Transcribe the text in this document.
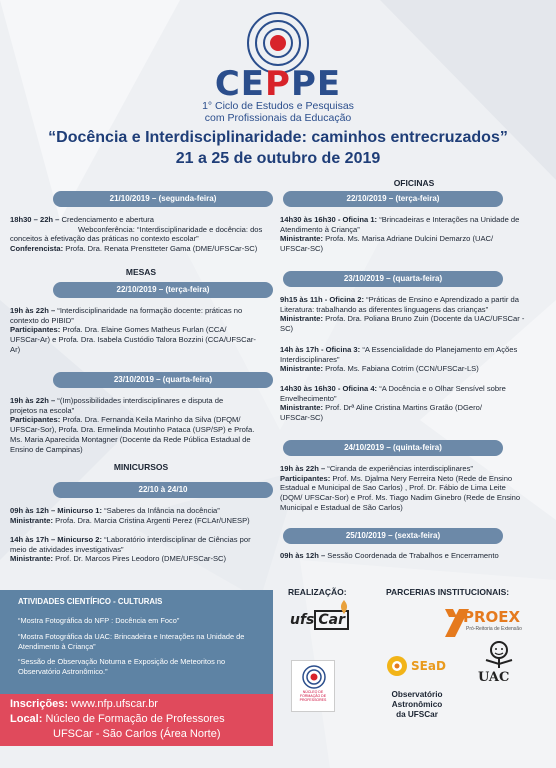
CEPPE
1° Ciclo de Estudos e Pesquisas
com Profissionais da Educação
“Docência e Interdisciplinaridade: caminhos entrecruzados”
21 a 25 de outubro de 2019
21/10/2019 – (segunda-feira)
18h30 – 22h – Credenciamento e abertura
Webconferência: “Interdisciplinaridade e docência: dos
conceitos à efetivação das práticas no contexto escolar”
Conferencista: Profa. Dra. Renata Prenstteter Gama (DME/UFSCar-SC)
MESAS
22/10/2019 – (terça-feira)
19h às 22h – “Interdisciplinaridade na formação docente: práticas no
contexto do PIBID”
Participantes: Profa. Dra. Elaine Gomes Matheus Furlan (CCA/
UFSCar-Ar) e Profa. Dra. Isabela Custódio Talora Bozzini (CCA/UFSCar-
Ar)
23/10/2019 – (quarta-feira)
19h às 22h – “(Im)possibilidades interdisciplinares e disputa de
projetos na escola”
Participantes: Profa. Dra. Fernanda Keila Marinho da Silva (DFQM/
UFSCar-Sor), Profa. Dra. Ermelinda Moutinho Pataca (USP/SP) e Profa.
Ms. Maria Aparecida Montagner (Docente da Rede Pública Estadual de
Ensino de Campinas)
MINICURSOS
22/10 à 24/10
09h às 12h – Minicurso 1: “Saberes da Infância na docência”
Ministrante: Profa. Dra. Marcia Cristina Argenti Perez (FCLAr/UNESP)
14h às 17h – Minicurso 2: “Laboratório interdisciplinar de Ciências por
meio de atividades investigativas”
Ministrante: Prof. Dr. Marcos Pires Leodoro (DME/UFSCar-SC)
OFICINAS
22/10/2019 – (terça-feira)
14h30 às 16h30 - Oficina 1: “Brincadeiras e Interações na Unidade de
Atendimento à Criança”
Ministrante: Profa. Ms. Marisa Adriane Dulcini Demarzo (UAC/
UFSCar-SC)
23/10/2019 – (quarta-feira)
9h15 às 11h - Oficina 2: “Práticas de Ensino e Aprendizado a partir da
Literatura: trabalhando as diferentes linguagens das crianças”
Ministrante: Profa. Dra. Poliana Bruno Zuin (Docente da UAC/UFSCar -
SC)
14h às 17h - Oficina 3: “A Essencialidade do Planejamento em Ações
Interdisciplinares”
Ministrante: Profa. Ms. Fabiana Cotrim (CCN/UFSCar-LS)
14h30 às 16h30 - Oficina 4: “A Docência e o Olhar Sensível sobre
Envelhecimento”
Ministrante: Prof. Drª Aline Cristina Martins Gratão (DGero/
UFSCar-SC)
24/10/2019 – (quinta-feira)
19h às 22h – “Ciranda de experiências interdisciplinares”
Participantes: Prof. Ms. Djalma Nery Ferreira Neto (Rede de Ensino
Estadual e Municipal de Sao Carlos) , Prof. Dr. Fábio de Lima Leite
(DQM/ UFSCar-Sor) e Prof. Ms. Tiago Nadim Ginebro (Rede de Ensino
Municipal e Estadual de São Carlos)
25/10/2019 – (sexta-feira)
09h às 12h – Sessão Coordenada de Trabalhos e Encerramento
ATIVIDADES CIENTÍFICO - CULTURAIS
“Mostra Fotográfica do NFP : Docência em Foco”
“Mostra Fotográfica da UAC: Brincadeira e Interações na Unidade de
Atendimento à Criança”
“Sessão de Observação Noturna e Exposição de Meteoritos no
Observatório Astronômico.”
Inscrições: www.nfp.ufscar.br
Local: Núcleo de Formação de Professores
UFSCar - São Carlos (Área Norte)
REALIZAÇÃO:	PARCERIAS INSTITUCIONAIS:
ufs Car	PROEX
Pró-Reitoria de Extensão
NÚCLEO DE
FORMAÇÃO DE
PROFESSORES
SEaD
Observatório
Astronômico
da UFSCar
UAC
